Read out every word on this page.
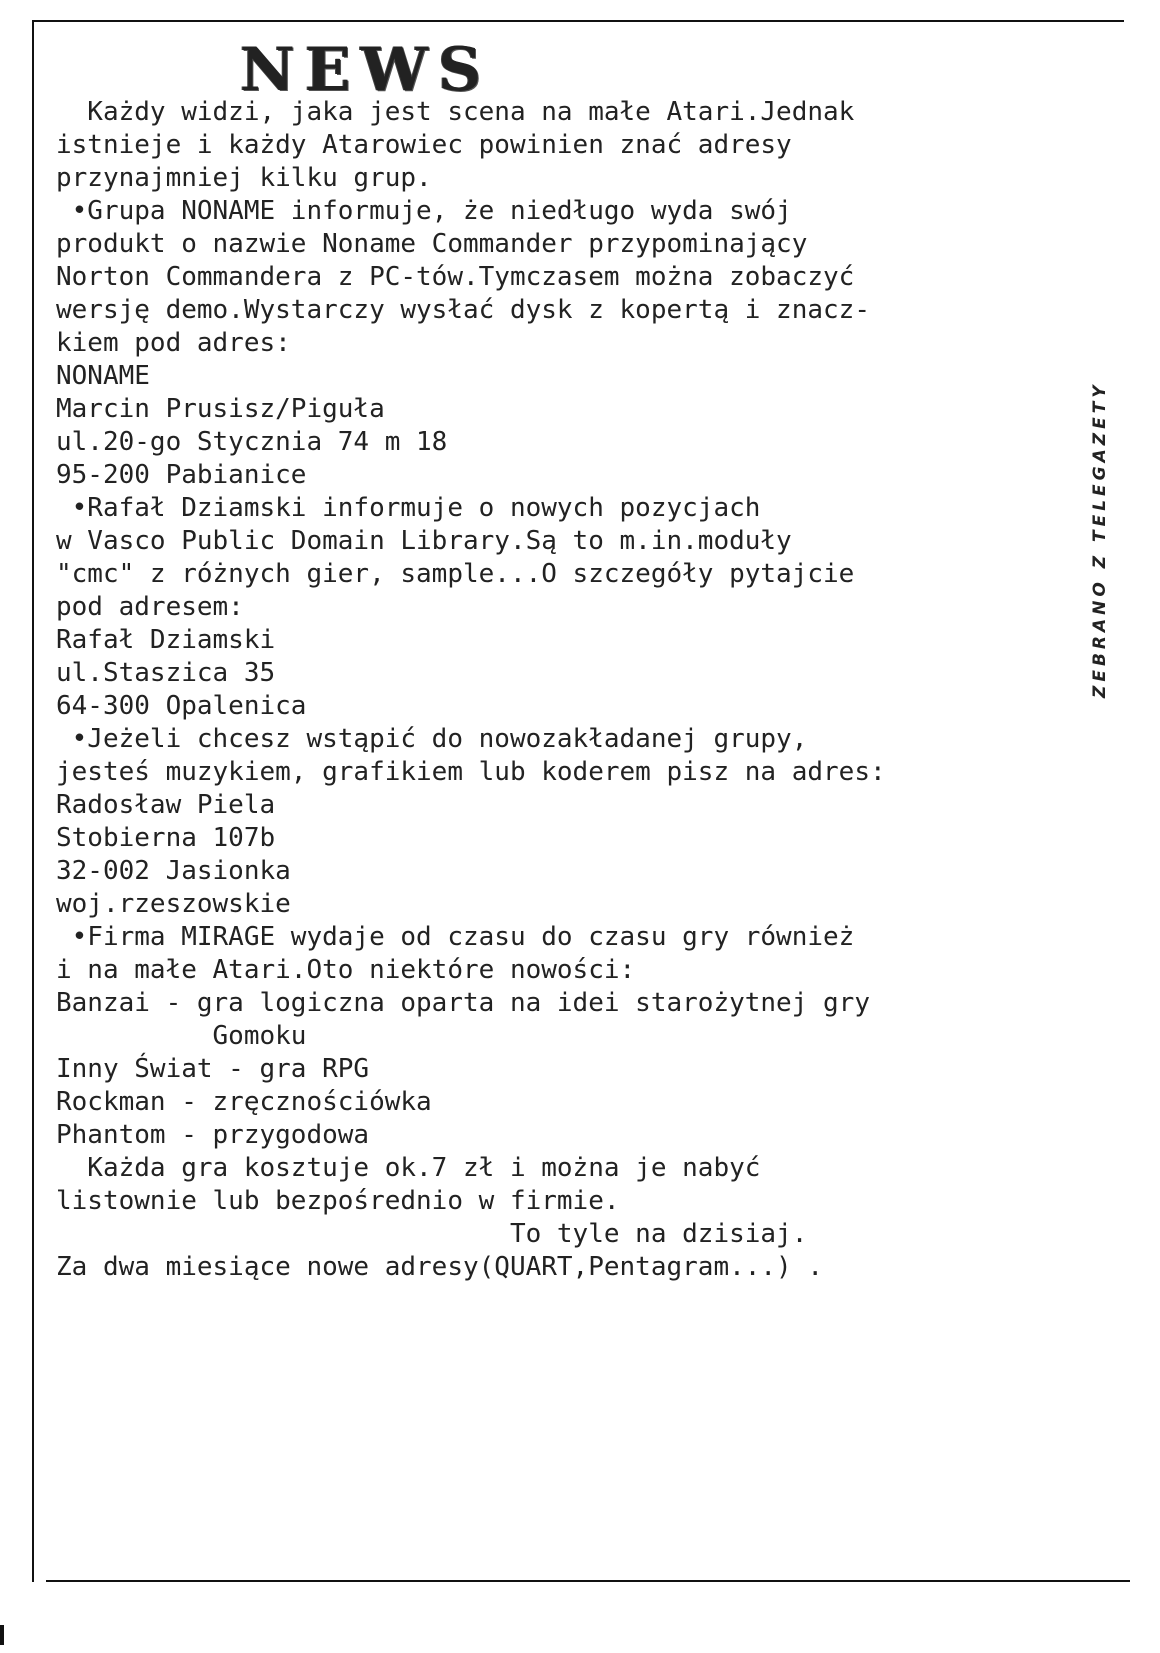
NEWS
Każdy widzi, jaka jest scena na małe Atari.Jednak
istnieje i każdy Atarowiec powinien znać adresy
przynajmniej kilku grup.
•Grupa NONAME informuje, że niedługo wyda swój
produkt o nazwie Noname Commander przypominający
Norton Commandera z PC-tów.Tymczasem można zobaczyć
wersję demo.Wystarczy wysłać dysk z kopertą i znacz-
kiem pod adres:
NONAME
Marcin Prusisz/Piguła
ul.20-go Stycznia 74 m 18
95-200 Pabianice
•Rafał Dziamski informuje o nowych pozycjach
w Vasco Public Domain Library.Są to m.in.moduły
"cmc" z różnych gier, sample...O szczegóły pytajcie
pod adresem:
Rafał Dziamski
ul.Staszica 35
64-300 Opalenica
•Jeżeli chcesz wstąpić do nowozakładanej grupy,
jesteś muzykiem, grafikiem lub koderem pisz na adres:
Radosław Piela
Stobierna 107b
32-002 Jasionka
woj.rzeszowskie
•Firma MIRAGE wydaje od czasu do czasu gry również
i na małe Atari.Oto niektóre nowości:
Banzai - gra logiczna oparta na idei starożytnej gry
Gomoku
Inny Świat - gra RPG
Rockman - zręcznościówka
Phantom - przygodowa
Każda gra kosztuje ok.7 zł i można je nabyć
listownie lub bezpośrednio w firmie.
To tyle na dzisiaj.
Za dwa miesiące nowe adresy(QUART,Pentagram...) .
ZEBRANO Z TELEGAZETY
